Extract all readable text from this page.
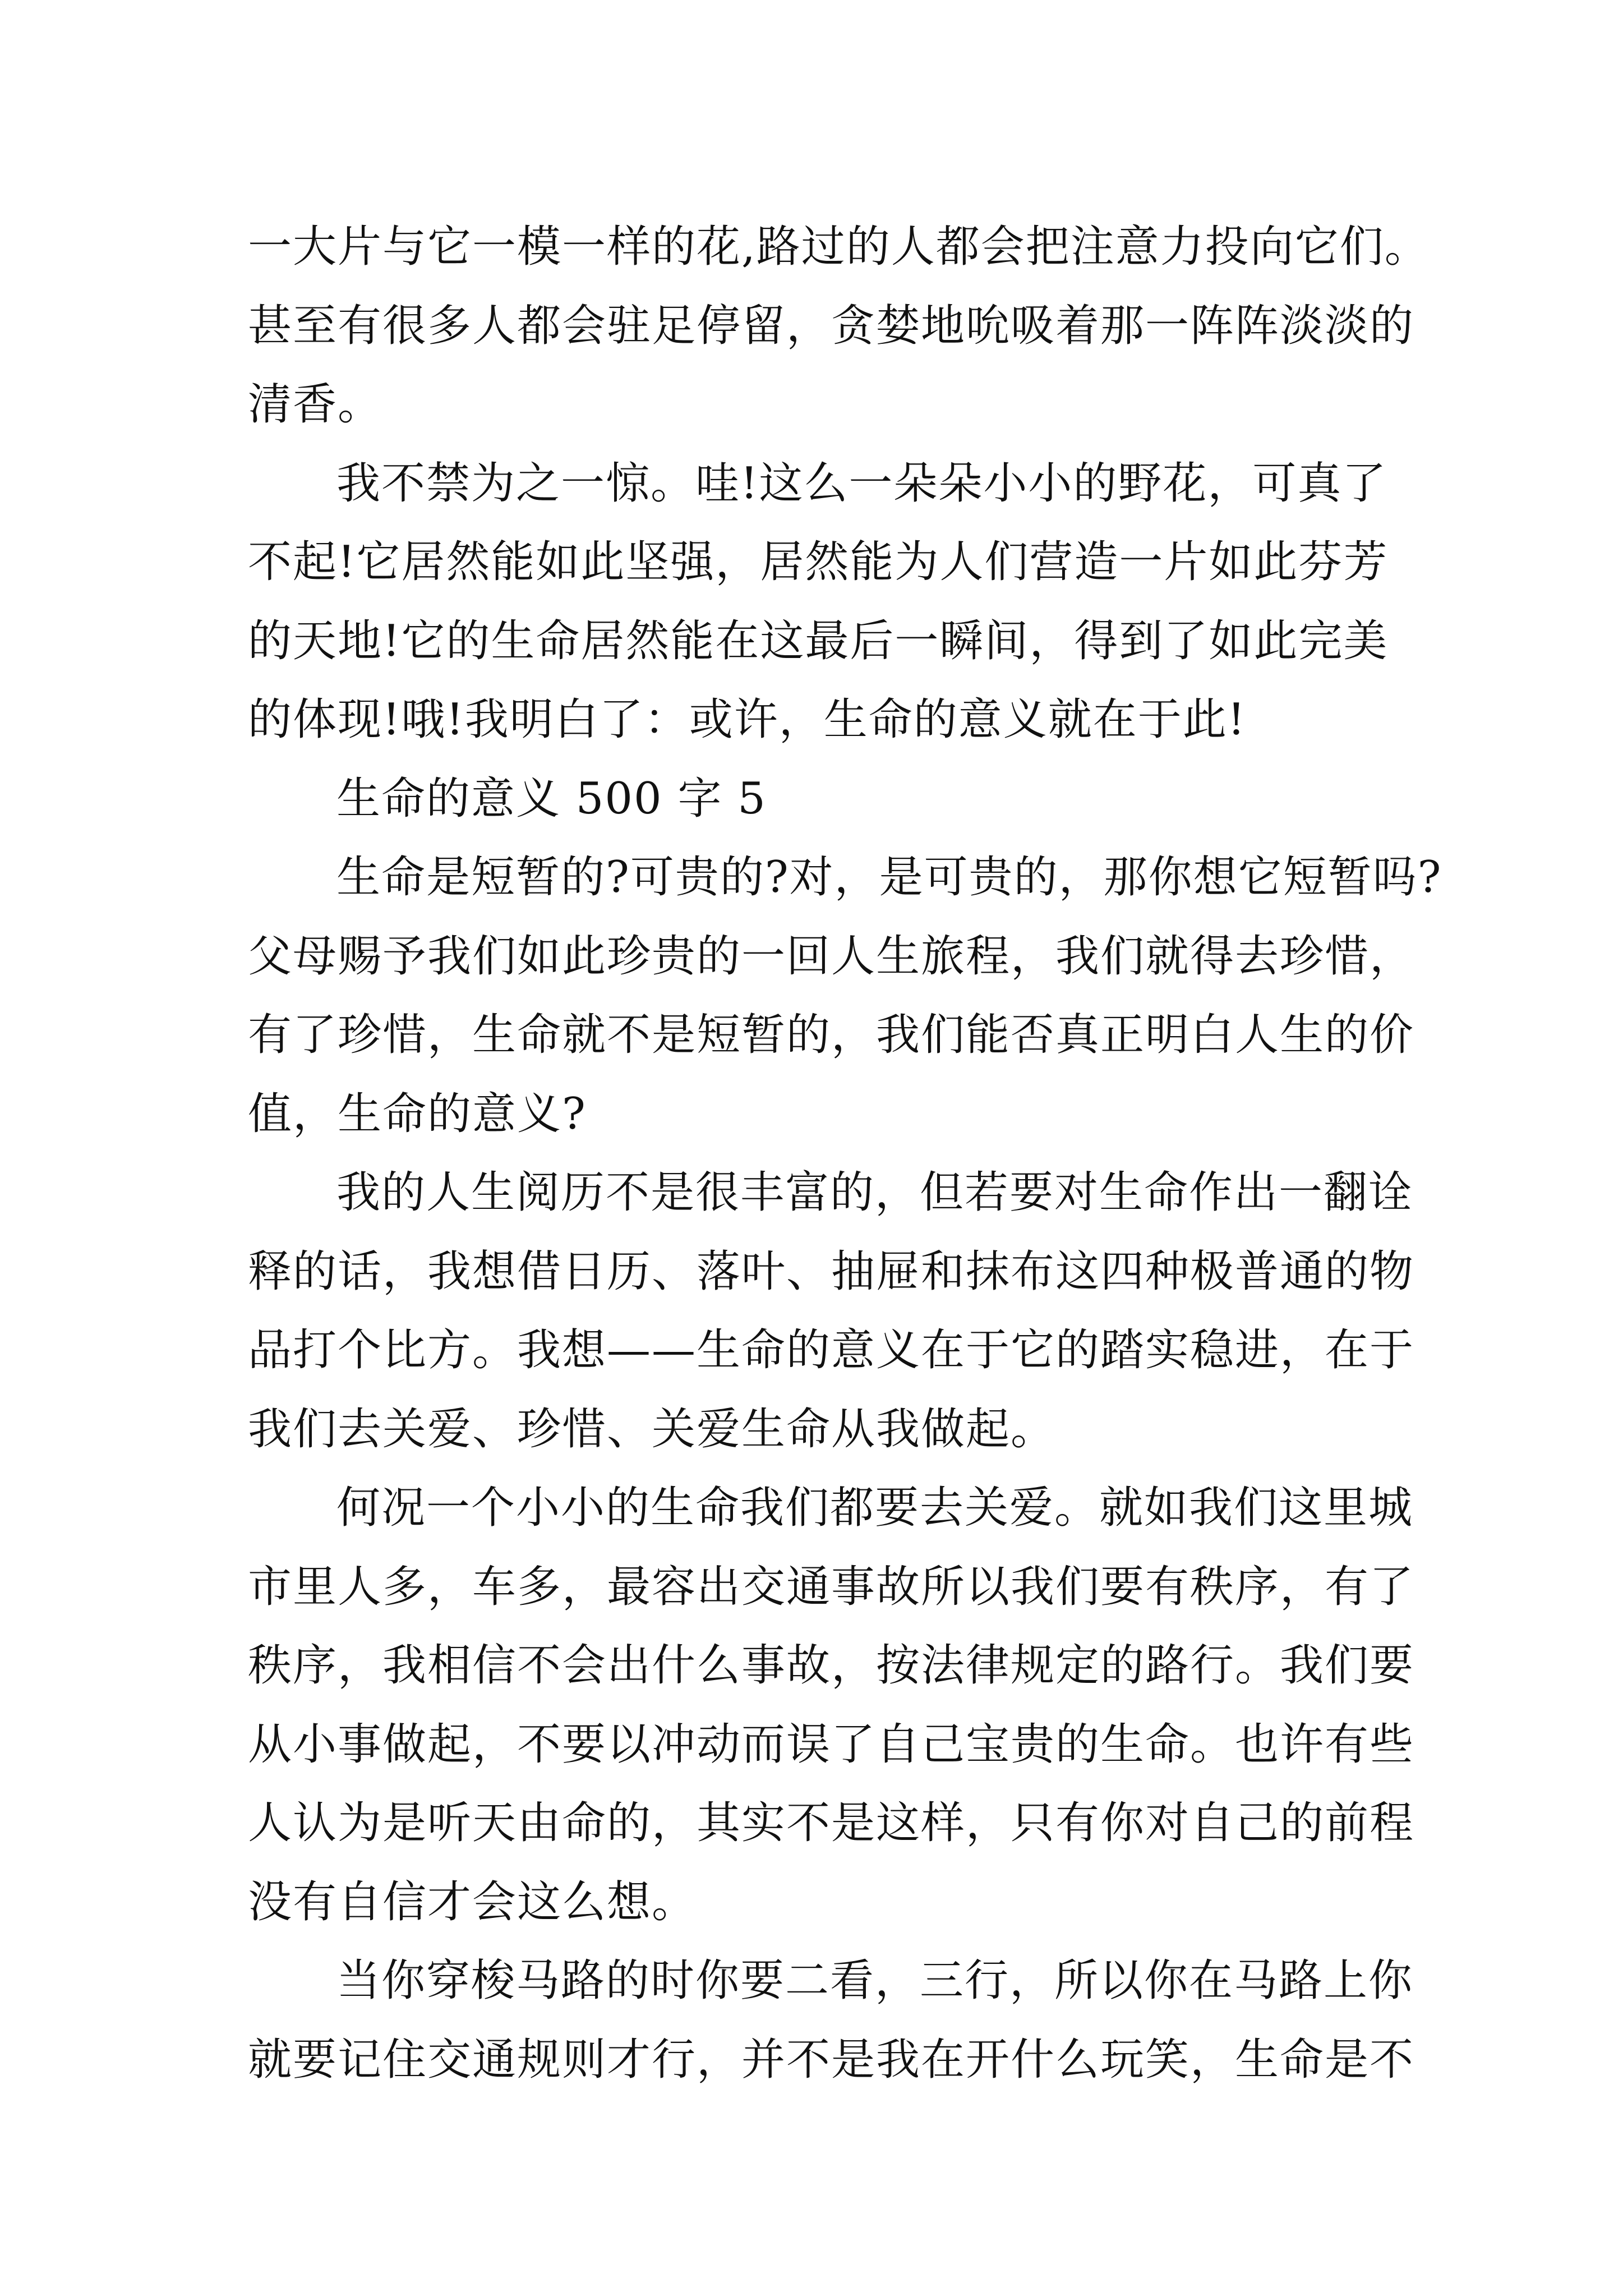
一大片与它一模一样的花,路过的人都会把注意力投向它们。
甚至有很多人都会驻足停留，贪婪地吮吸着那一阵阵淡淡的
清香。
我不禁为之一惊。哇!这么一朵朵小小的野花，可真了
不起!它居然能如此坚强，居然能为人们营造一片如此芬芳
的天地!它的生命居然能在这最后一瞬间，得到了如此完美
的体现!哦!我明白了：或许，生命的意义就在于此!
生命的意义 500 字 5
生命是短暂的?可贵的?对，是可贵的，那你想它短暂吗?
父母赐予我们如此珍贵的一回人生旅程，我们就得去珍惜，
有了珍惜，生命就不是短暂的，我们能否真正明白人生的价
值，生命的意义?
我的人生阅历不是很丰富的，但若要对生命作出一翻诠
释的话，我想借日历、落叶、抽屉和抹布这四种极普通的物
品打个比方。我想——生命的意义在于它的踏实稳进，在于
我们去关爱、珍惜、关爱生命从我做起。
何况一个小小的生命我们都要去关爱。就如我们这里城
市里人多，车多，最容出交通事故所以我们要有秩序，有了
秩序，我相信不会出什么事故，按法律规定的路行。我们要
从小事做起，不要以冲动而误了自己宝贵的生命。也许有些
人认为是听天由命的，其实不是这样，只有你对自己的前程
没有自信才会这么想。
当你穿梭马路的时你要二看，三行，所以你在马路上你
就要记住交通规则才行，并不是我在开什么玩笑，生命是不
